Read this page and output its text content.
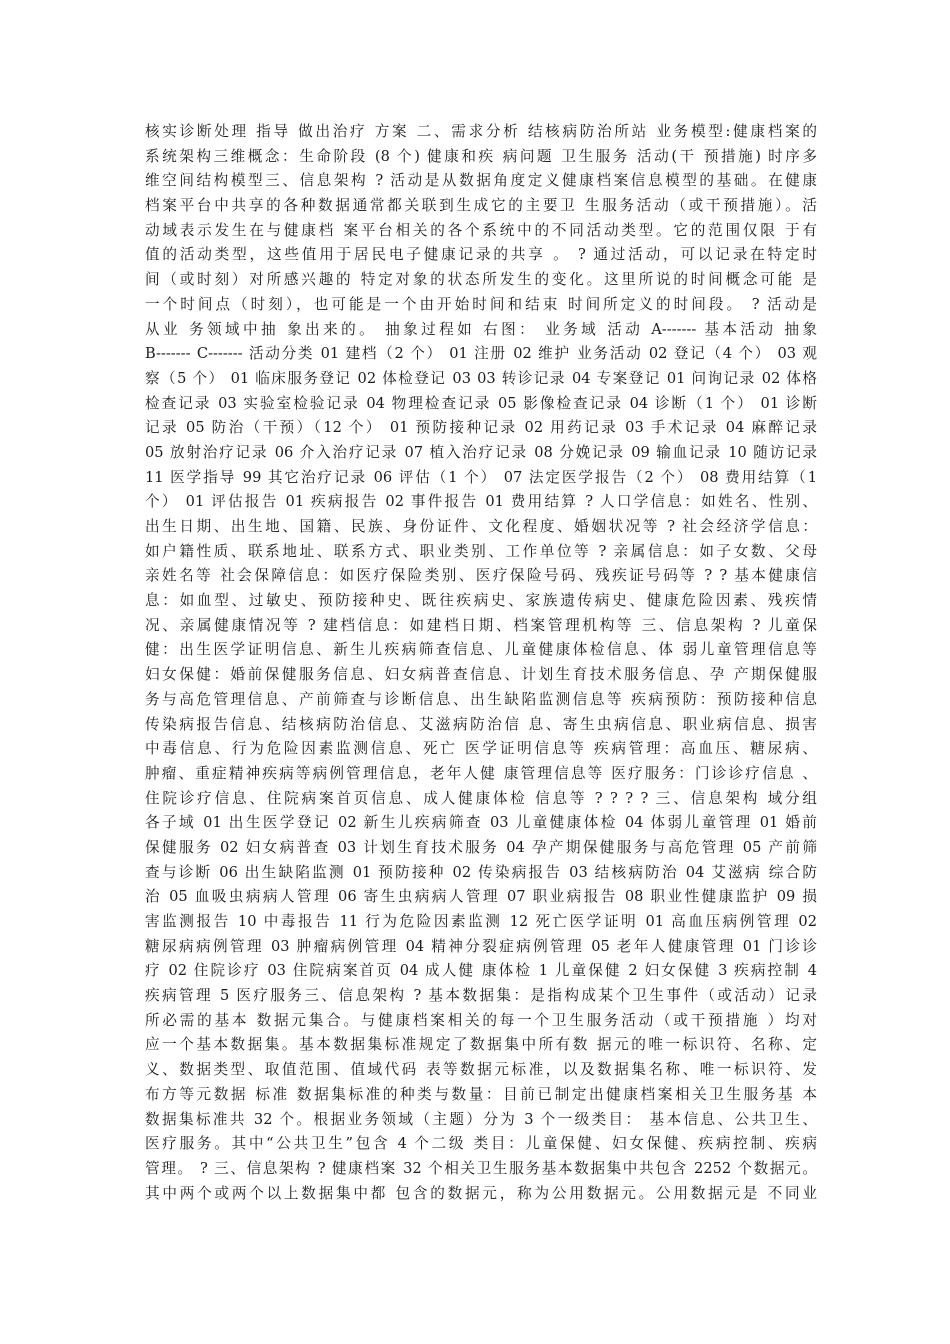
核实诊断处理 指导 做出治疗 方案 二、需求分析 结核病防治所站 业务模型:健康档案的
系统架构三维概念：生命阶段 (8 个) 健康和疾 病问题 卫生服务 活动(干 预措施) 时序多
维空间结构模型三、信息架构 ? 活动是从数据角度定义健康档案信息模型的基础。在健康
档案平台中共享的各种数据通常都关联到生成它的主要卫 生服务活动（或干预措施）。活
动域表示发生在与健康档 案平台相关的各个系统中的不同活动类型。它的范围仅限 于有
值的活动类型，这些值用于居民电子健康记录的共享 。 ? 通过活动，可以记录在特定时
间（或时刻）对所感兴趣的 特定对象的状态所发生的变化。这里所说的时间概念可能 是
一个时间点（时刻），也可能是一个由开始时间和结束 时间所定义的时间段。 ? 活动是
从业 务领域中抽 象出来的。 抽象过程如 右图： 业务域 活动 A------- 基本活动 抽象
B------- C------- 活动分类 01 建档（2 个） 01 注册 02 维护 业务活动 02 登记（4 个） 03 观
察（5 个） 01 临床服务登记 02 体检登记 03 03 转诊记录 04 专案登记 01 问询记录 02 体格
检查记录 03 实验室检验记录 04 物理检查记录 05 影像检查记录 04 诊断（1 个） 01 诊断
记录 05 防治（干预）（12 个） 01 预防接种记录 02 用药记录 03 手术记录 04 麻醉记录
05 放射治疗记录 06 介入治疗记录 07 植入治疗记录 08 分娩记录 09 输血记录 10 随访记录
11 医学指导 99 其它治疗记录 06 评估（1 个） 07 法定医学报告（2 个） 08 费用结算（1
个） 01 评估报告 01 疾病报告 02 事件报告 01 费用结算 ? 人口学信息：如姓名、性别、
出生日期、出生地、国籍、民族、身份证件、文化程度、婚姻状况等 ? 社会经济学信息：
如户籍性质、联系地址、联系方式、职业类别、工作单位等 ? 亲属信息：如子女数、父母
亲姓名等 社会保障信息：如医疗保险类别、医疗保险号码、残疾证号码等 ? ? 基本健康信
息：如血型、过敏史、预防接种史、既往疾病史、家族遗传病史、健康危险因素、残疾情
况、亲属健康情况等 ? 建档信息：如建档日期、档案管理机构等 三、信息架构 ? 儿童保
健：出生医学证明信息、新生儿疾病筛查信息、儿童健康体检信息、体 弱儿童管理信息等
妇女保健：婚前保健服务信息、妇女病普查信息、计划生育技术服务信息、孕 产期保健服
务与高危管理信息、产前筛查与诊断信息、出生缺陷监测信息等 疾病预防：预防接种信息
传染病报告信息、结核病防治信息、艾滋病防治信 息、寄生虫病信息、职业病信息、损害
中毒信息、行为危险因素监测信息、死亡 医学证明信息等 疾病管理：高血压、糖尿病、
肿瘤、重症精神疾病等病例管理信息，老年人健 康管理信息等 医疗服务：门诊诊疗信息 、
住院诊疗信息、住院病案首页信息、成人健康体检 信息等 ? ? ? ? 三、信息架构 域分组
各子域 01 出生医学登记 02 新生儿疾病筛查 03 儿童健康体检 04 体弱儿童管理 01 婚前
保健服务 02 妇女病普查 03 计划生育技术服务 04 孕产期保健服务与高危管理 05 产前筛
查与诊断 06 出生缺陷监测 01 预防接种 02 传染病报告 03 结核病防治 04 艾滋病 综合防
治 05 血吸虫病病人管理 06 寄生虫病病人管理 07 职业病报告 08 职业性健康监护 09 损
害监测报告 10 中毒报告 11 行为危险因素监测 12 死亡医学证明 01 高血压病例管理 02
糖尿病病例管理 03 肿瘤病例管理 04 精神分裂症病例管理 05 老年人健康管理 01 门诊诊
疗 02 住院诊疗 03 住院病案首页 04 成人健 康体检 1 儿童保健 2 妇女保健 3 疾病控制 4
疾病管理 5 医疗服务三、信息架构 ? 基本数据集：是指构成某个卫生事件（或活动）记录
所必需的基本 数据元集合。与健康档案相关的每一个卫生服务活动（或干预措施 ）均对
应一个基本数据集。基本数据集标准规定了数据集中所有数 据元的唯一标识符、名称、定
义、数据类型、取值范围、值域代码 表等数据元标准，以及数据集名称、唯一标识符、发
布方等元数据 标准 数据集标准的种类与数量：目前已制定出健康档案相关卫生服务基 本
数据集标准共 32 个。根据业务领域（主题）分为 3 个一级类目： 基本信息、公共卫生、
医疗服务。其中“公共卫生”包含 4 个二级 类目：儿童保健、妇女保健、疾病控制、疾病
管理。 ? 三、信息架构 ? 健康档案 32 个相关卫生服务基本数据集中共包含 2252 个数据元。
其中两个或两个以上数据集中都 包含的数据元，称为公用数据元。公用数据元是 不同业
